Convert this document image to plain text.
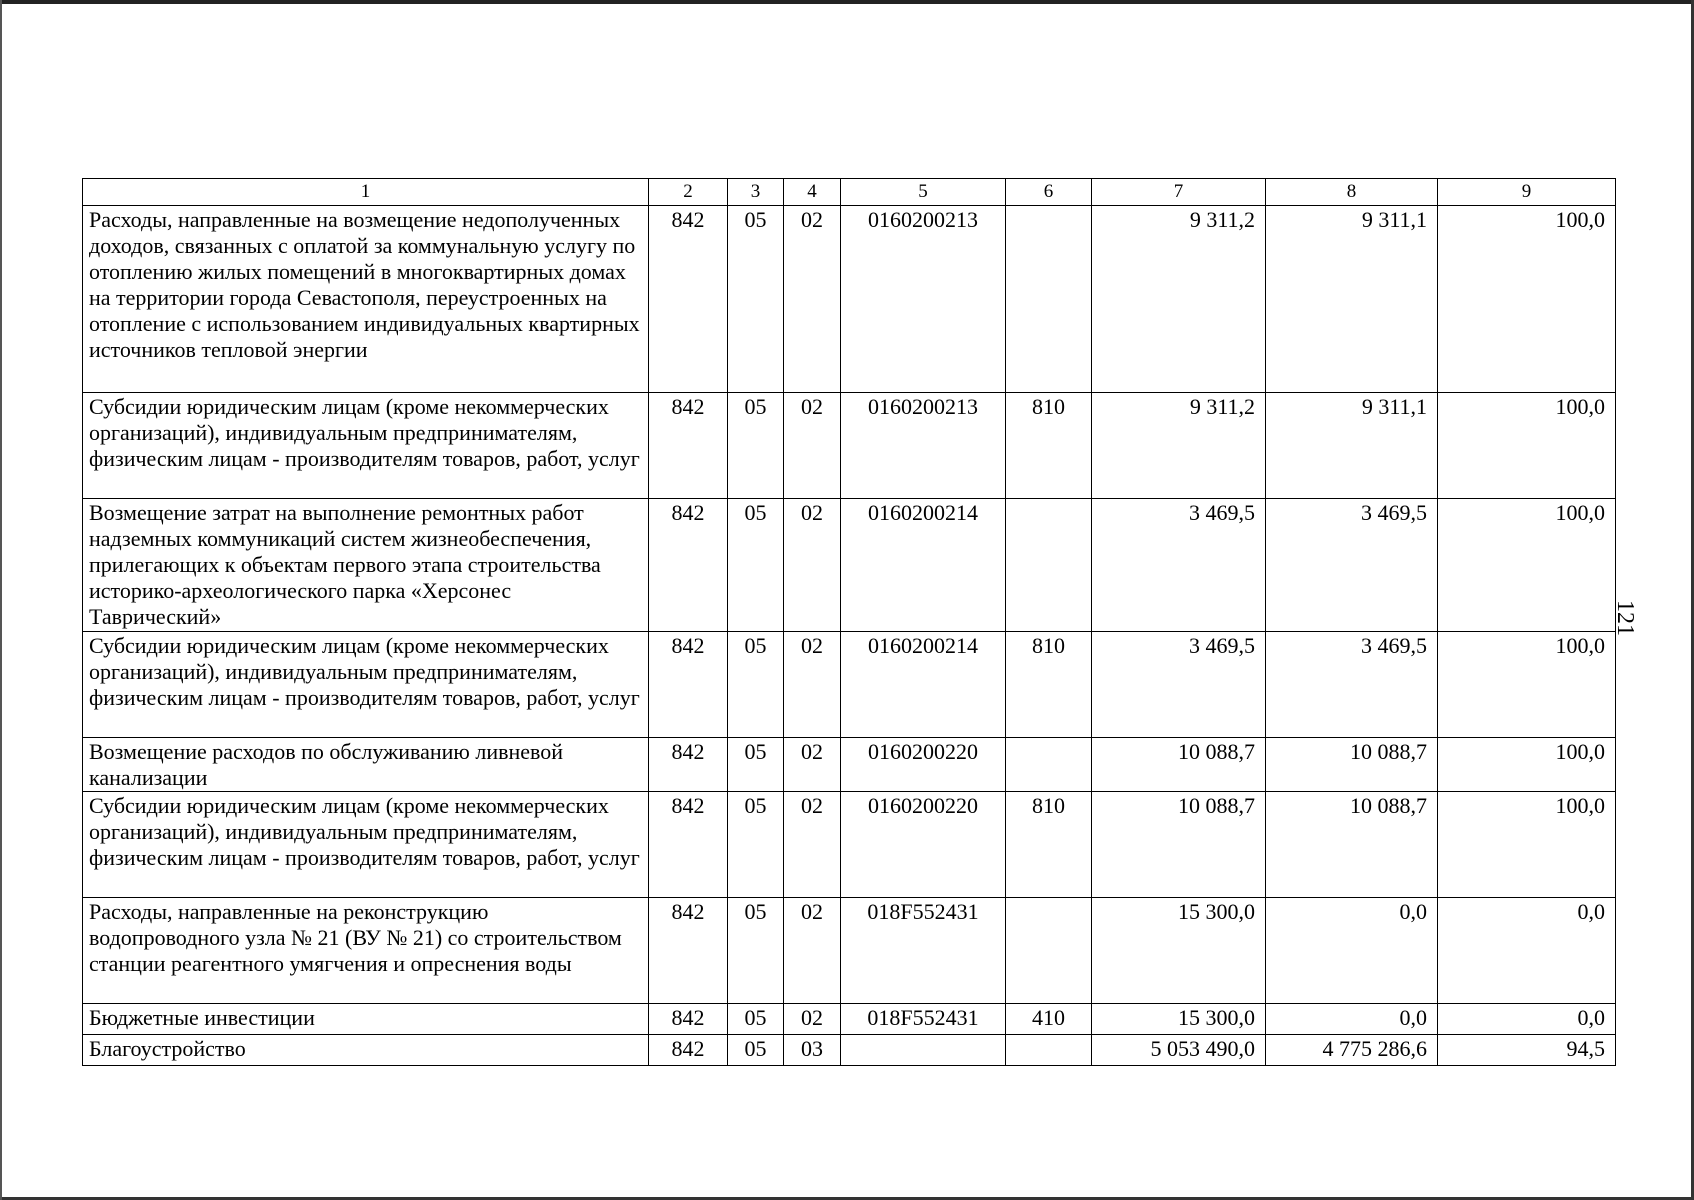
121
1	2	3	4	5	6	7	8	9
Расходы, направленные на возмещение недополученных доходов, связанных с оплатой за коммунальную услугу по отоплению жилых помещений в многоквартирных домах на территории города Севастополя, переустроенных на отопление с использованием индивидуальных квартирных источников тепловой энергии	842	05	02	0160200213		9 311,2	9 311,1	100,0
Субсидии юридическим лицам (кроме некоммерческих организаций), индивидуальным предпринимателям, физическим лицам - производителям товаров, работ, услуг	842	05	02	0160200213	810	9 311,2	9 311,1	100,0
Возмещение затрат на выполнение ремонтных работ надземных коммуникаций систем жизнеобеспечения, прилегающих к объектам первого этапа строительства историко-археологического парка «Херсонес Таврический»	842	05	02	0160200214		3 469,5	3 469,5	100,0
Субсидии юридическим лицам (кроме некоммерческих организаций), индивидуальным предпринимателям, физическим лицам - производителям товаров, работ, услуг	842	05	02	0160200214	810	3 469,5	3 469,5	100,0
Возмещение расходов по обслуживанию ливневой канализации	842	05	02	0160200220		10 088,7	10 088,7	100,0
Субсидии юридическим лицам (кроме некоммерческих организаций), индивидуальным предпринимателям, физическим лицам - производителям товаров, работ, услуг	842	05	02	0160200220	810	10 088,7	10 088,7	100,0
Расходы, направленные на реконструкцию водопроводного узла № 21 (ВУ № 21) со строительством станции реагентного умягчения и опреснения воды	842	05	02	018F552431		15 300,0	0,0	0,0
Бюджетные инвестиции	842	05	02	018F552431	410	15 300,0	0,0	0,0
Благоустройство	842	05	03			5 053 490,0	4 775 286,6	94,5
